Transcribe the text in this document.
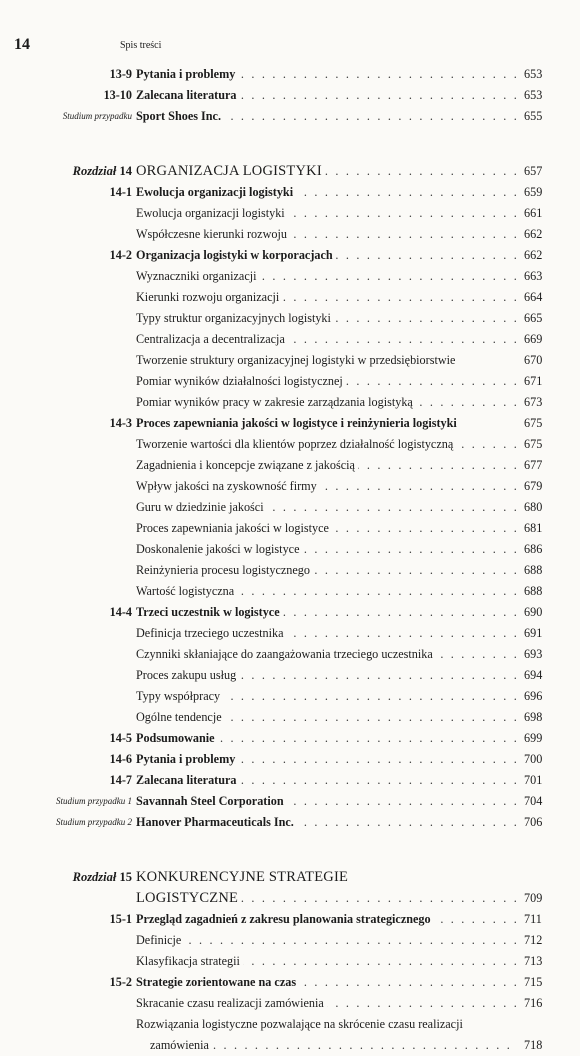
14	Spis treści
13-9 Pytania i problemy . . .	653
13-10 Zalecana literatura . . .	653
Studium przypadku Sport Shoes Inc. . . .	655
Rozdział 14 ORGANIZACJA LOGISTYKI . . .	657
14-1 Ewolucja organizacji logistyki . . .	659
Ewolucja organizacji logistyki . . .	661
Współczesne kierunki rozwoju . . .	662
14-2 Organizacja logistyki w korporacjach . . .	662
Wyznaczniki organizacji . . .	663
Kierunki rozwoju organizacji . . .	664
Typy struktur organizacyjnych logistyki . . .	665
Centralizacja a decentralizacja . . .	669
Tworzenie struktury organizacyjnej logistyki w przedsiębiorstwie	670
Pomiar wyników działalności logistycznej . . .	671
Pomiar wyników pracy w zakresie zarządzania logistyką . . .	673
14-3 Proces zapewniania jakości w logistyce i reinżynieria logistyki	675
Tworzenie wartości dla klientów poprzez działalność logistyczną . . .	675
Zagadnienia i koncepcje związane z jakością . . .	677
Wpływ jakości na zyskowność firmy . . .	679
Guru w dziedzinie jakości . . .	680
Proces zapewniania jakości w logistyce . . .	681
Doskonalenie jakości w logistyce . . .	686
Reinżynieria procesu logistycznego . . .	688
Wartość logistyczna . . .	688
14-4 Trzeci uczestnik w logistyce . . .	690
Definicja trzeciego uczestnika . . .	691
Czynniki skłaniające do zaangażowania trzeciego uczestnika . . .	693
Proces zakupu usług . . .	694
Typy współpracy . . .	696
Ogólne tendencje . . .	698
14-5 Podsumowanie . . .	699
14-6 Pytania i problemy . . .	700
14-7 Zalecana literatura . . .	701
Studium przypadku 1 Savannah Steel Corporation . . .	704
Studium przypadku 2 Hanover Pharmaceuticals Inc. . . .	706
Rozdział 15 KONKURENCYJNE STRATEGIE
LOGISTYCZNE . . .	709
15-1 Przegląd zagadnień z zakresu planowania strategicznego . . .	711
Definicje . . .	712
Klasyfikacja strategii . . .	713
15-2 Strategie zorientowane na czas . . .	715
Skracanie czasu realizacji zamówienia . . .	716
Rozwiązania logistyczne pozwalające na skrócenie czasu realizacji
zamówienia . . .	718
